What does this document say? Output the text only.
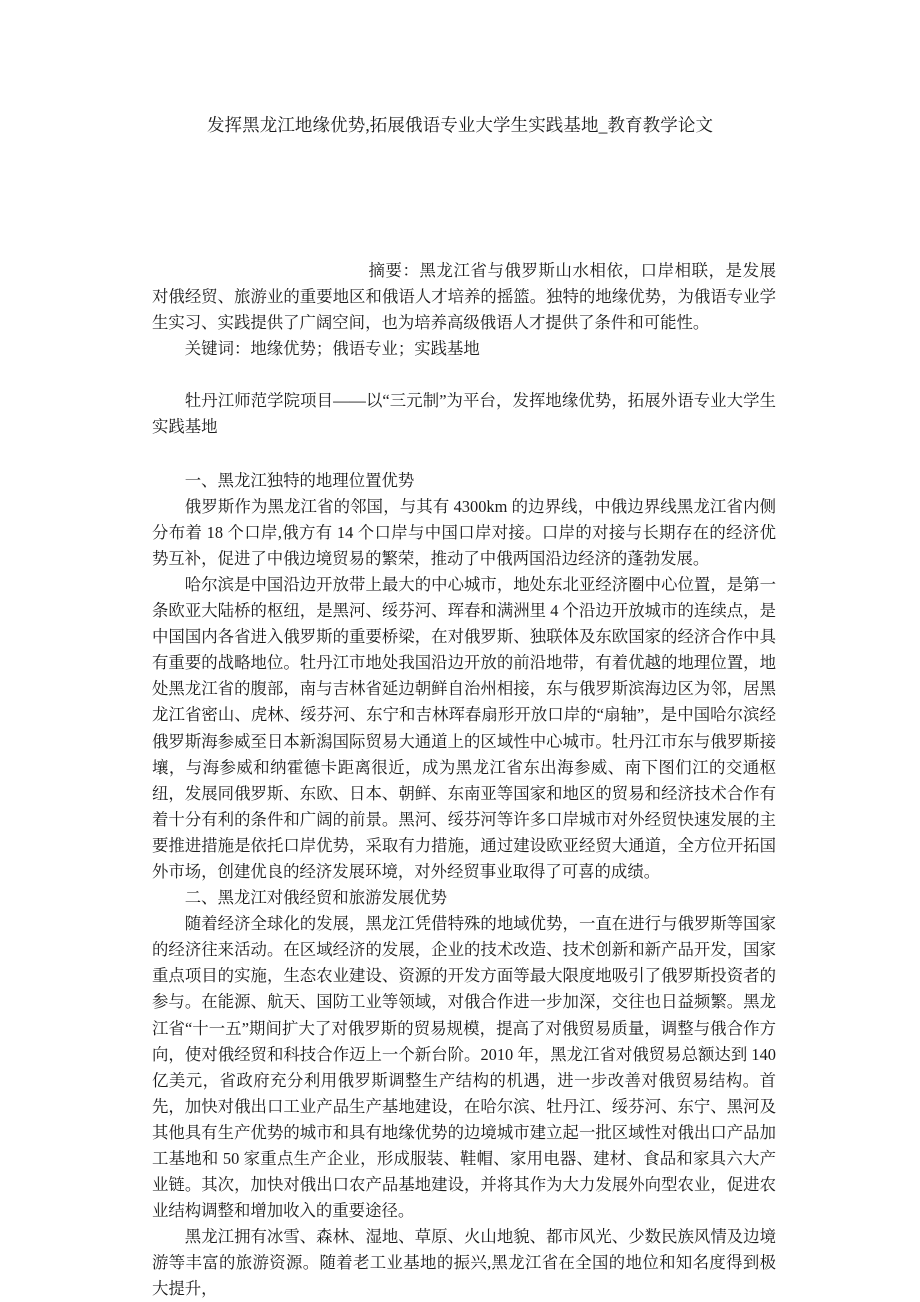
发挥黑龙江地缘优势,拓展俄语专业大学生实践基地_教育教学论文

摘要：黑龙江省与俄罗斯山水相依，口岸相联，是发展对俄经贸、旅游业的重要地区和俄语人才培养的摇篮。独特的地缘优势，为俄语专业学生实习、实践提供了广阔空间，也为培养高级俄语人才提供了条件和可能性。

关键词：地缘优势；俄语专业；实践基地

牡丹江师范学院项目——以“三元制”为平台，发挥地缘优势，拓展外语专业大学生实践基地

一、黑龙江独特的地理位置优势

俄罗斯作为黑龙江省的邻国，与其有 4300km 的边界线，中俄边界线黑龙江省内侧分布着 18 个口岸,俄方有 14 个口岸与中国口岸对接。口岸的对接与长期存在的经济优势互补，促进了中俄边境贸易的繁荣，推动了中俄两国沿边经济的蓬勃发展。

哈尔滨是中国沿边开放带上最大的中心城市，地处东北亚经济圈中心位置，是第一条欧亚大陆桥的枢纽，是黑河、绥芬河、珲春和满洲里 4 个沿边开放城市的连续点，是中国国内各省进入俄罗斯的重要桥梁，在对俄罗斯、独联体及东欧国家的经济合作中具有重要的战略地位。牡丹江市地处我国沿边开放的前沿地带，有着优越的地理位置，地处黑龙江省的腹部，南与吉林省延边朝鲜自治州相接，东与俄罗斯滨海边区为邻，居黑龙江省密山、虎林、绥芬河、东宁和吉林珲春扇形开放口岸的“扇轴”，是中国哈尔滨经俄罗斯海参威至日本新潟国际贸易大通道上的区域性中心城市。牡丹江市东与俄罗斯接壤，与海参威和纳霍德卡距离很近，成为黑龙江省东出海参威、南下图们江的交通枢纽，发展同俄罗斯、东欧、日本、朝鲜、东南亚等国家和地区的贸易和经济技术合作有着十分有利的条件和广阔的前景。黑河、绥芬河等许多口岸城市对外经贸快速发展的主要推进措施是依托口岸优势，采取有力措施，通过建设欧亚经贸大通道，全方位开拓国外市场，创建优良的经济发展环境，对外经贸事业取得了可喜的成绩。

二、黑龙江对俄经贸和旅游发展优势

随着经济全球化的发展，黑龙江凭借特殊的地域优势，一直在进行与俄罗斯等国家的经济往来活动。在区域经济的发展，企业的技术改造、技术创新和新产品开发，国家重点项目的实施，生态农业建设、资源的开发方面等最大限度地吸引了俄罗斯投资者的参与。在能源、航天、国防工业等领域，对俄合作进一步加深，交往也日益频繁。黑龙江省“十一五”期间扩大了对俄罗斯的贸易规模，提高了对俄贸易质量，调整与俄合作方向，使对俄经贸和科技合作迈上一个新台阶。2010 年，黑龙江省对俄贸易总额达到 140 亿美元，省政府充分利用俄罗斯调整生产结构的机遇，进一步改善对俄贸易结构。首先，加快对俄出口工业产品生产基地建设，在哈尔滨、牡丹江、绥芬河、东宁、黑河及其他具有生产优势的城市和具有地缘优势的边境城市建立起一批区域性对俄出口产品加工基地和 50 家重点生产企业，形成服装、鞋帽、家用电器、建材、食品和家具六大产业链。其次，加快对俄出口农产品基地建设，并将其作为大力发展外向型农业，促进农业结构调整和增加收入的重要途径。

黑龙江拥有冰雪、森林、湿地、草原、火山地貌、都市风光、少数民族风情及边境游等丰富的旅游资源。随着老工业基地的振兴,黑龙江省在全国的地位和知名度得到极大提升，
